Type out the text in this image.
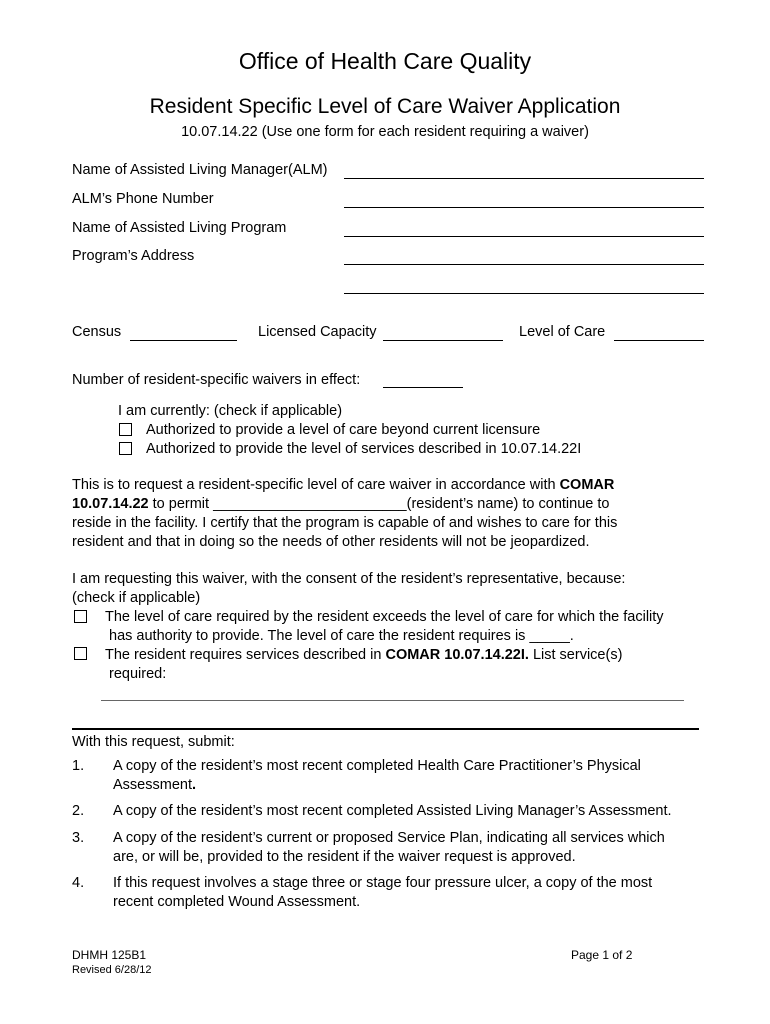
Office of Health Care Quality
Resident Specific Level of Care Waiver Application
10.07.14.22 (Use one form for each resident requiring a waiver)
Name of Assisted Living Manager(ALM)
ALM’s Phone Number
Name of Assisted Living Program
Program’s Address
Census	Licensed Capacity	Level of Care
Number of resident-specific waivers in effect:
I am currently: (check if applicable)
Authorized to provide a level of care beyond current licensure
Authorized to provide the level of services described in 10.07.14.22I
This is to request a resident-specific level of care waiver in accordance with COMAR
10.07.14.22 to permit ________________________(resident’s name) to continue to
reside in the facility. I certify that the program is capable of and wishes to care for this
resident and that in doing so the needs of other residents will not be jeopardized.
I am requesting this waiver, with the consent of the resident’s representative, because:
(check if applicable)
The level of care required by the resident exceeds the level of care for which the facility
has authority to provide. The level of care the resident requires is _____.
The resident requires services described in COMAR 10.07.14.22I. List service(s)
required:
With this request, submit:
1. A copy of the resident’s most recent completed Health Care Practitioner’s Physical
Assessment.
2. A copy of the resident’s most recent completed Assisted Living Manager’s Assessment.
3. A copy of the resident’s current or proposed Service Plan, indicating all services which
are, or will be, provided to the resident if the waiver request is approved.
4. If this request involves a stage three or stage four pressure ulcer, a copy of the most
recent completed Wound Assessment.
DHMH 125B1
Revised 6/28/12
Page 1 of 2
